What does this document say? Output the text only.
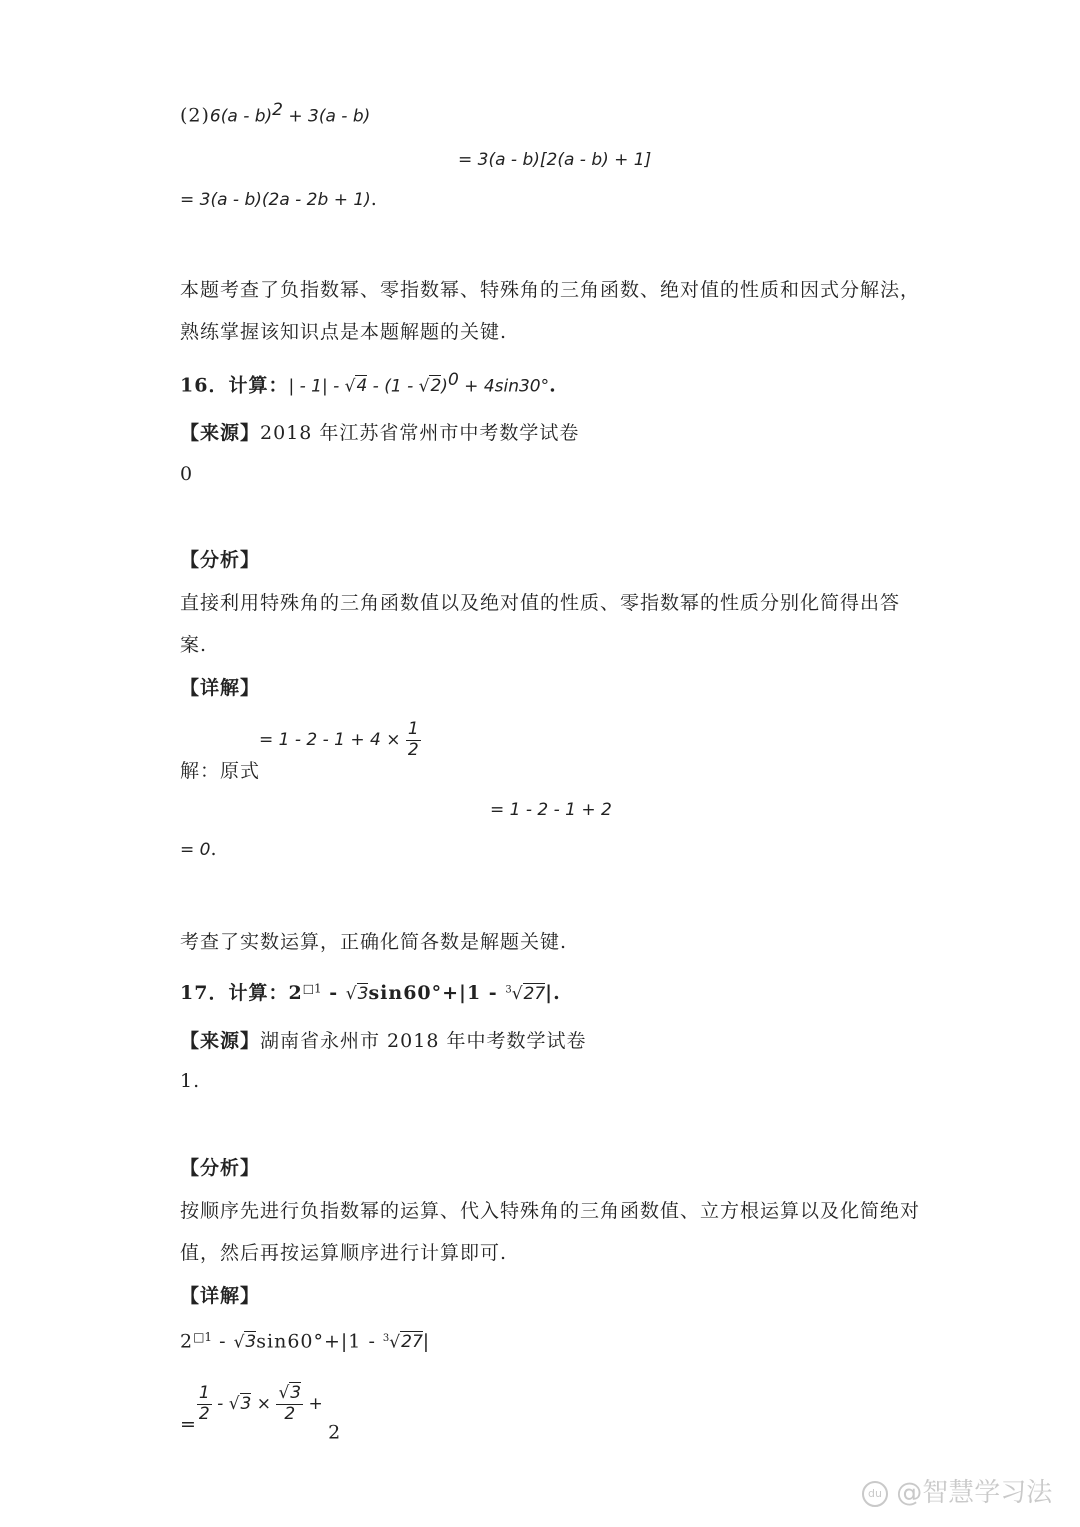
(2)6(a - b)$^2$ + 3(a - b)
= 3(a - b)[2(a - b) + 1]
= 3(a - b)(2a - 2b + 1).
本题考查了负指数幂、零指数幂、特殊角的三角函数、绝对值的性质和因式分解法，
熟练掌握该知识点是本题解题的关键.
16．计算：| - 1| - √4 - (1 - √2)$^0$ + 4sin30°.
【来源】2018 年江苏省常州市中考数学试卷
0
【分析】
直接利用特殊角的三角函数值以及绝对值的性质、零指数幂的性质分别化简得出答
案.
【详解】
解：原式
= $1 - 2 - 1 + 4 \times \frac{1}{2}$
= 1 - 2 - 1 + 2
= 0.
考查了实数运算，正确化简各数是解题关键.
17．计算：$2^{□1} - √3\sin 60^\circ+|1 - ^3√27|$.
【来源】湖南省永州市 2018 年中考数学试卷
1.
【分析】
按顺序先进行负指数幂的运算、代入特殊角的三角函数值、立方根运算以及化简绝对
值，然后再按运算顺序进行计算即可.
【详解】
$2^{□1} - √3\sin 60^\circ+|1 - ^3√27|$
=
$\frac{1}{2} - √3 \times \frac{√3}{2} + 2$
du @智慧学习法
